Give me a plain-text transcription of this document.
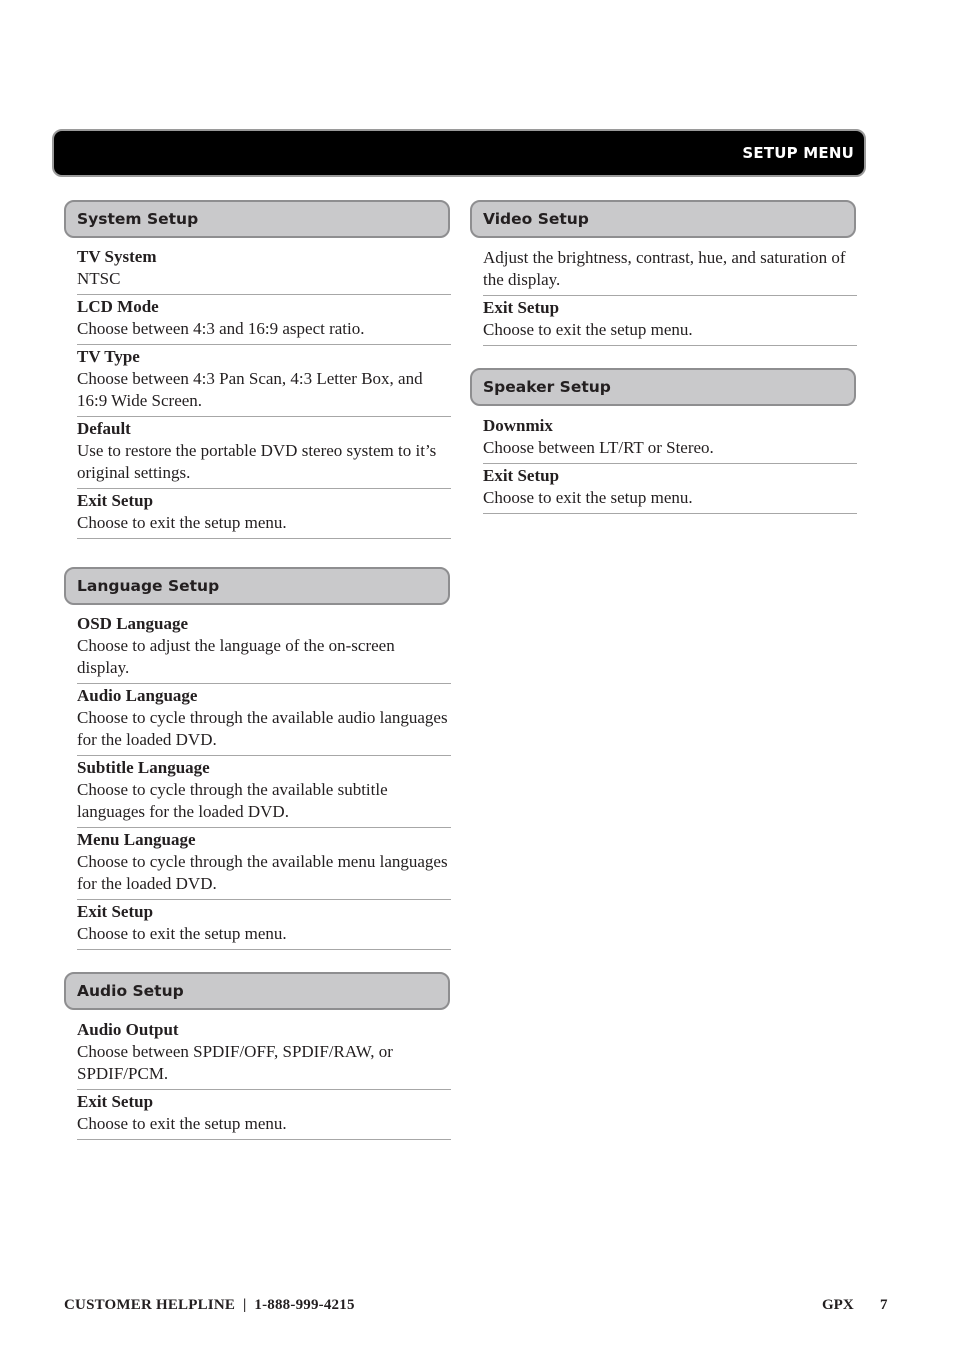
SETUP MENU
System Setup
TV System
NTSC
LCD Mode
Choose between 4:3 and 16:9 aspect ratio.
TV Type
Choose between 4:3 Pan Scan, 4:3 Letter Box, and 16:9 Wide Screen.
Default
Use to restore the portable DVD stereo system to it’s original settings.
Exit Setup
Choose to exit the setup menu.
Language Setup
OSD Language
Choose to adjust the language of the on-screen display.
Audio Language
Choose to cycle through the available audio languages for the loaded DVD.
Subtitle Language
Choose to cycle through the available subtitle languages for the loaded DVD.
Menu Language
Choose to cycle through the available menu languages for the loaded DVD.
Exit Setup
Choose to exit the setup menu.
Audio Setup
Audio Output
Choose between SPDIF/OFF, SPDIF/RAW, or SPDIF/PCM.
Exit Setup
Choose to exit the setup menu.
Video Setup
Adjust the brightness, contrast, hue, and saturation of the display.
Exit Setup
Choose to exit the setup menu.
Speaker Setup
Downmix
Choose between LT/RT or Stereo.
Exit Setup
Choose to exit the setup menu.
CUSTOMER HELPLINE  |  1-888-999-4215	GPX 7
